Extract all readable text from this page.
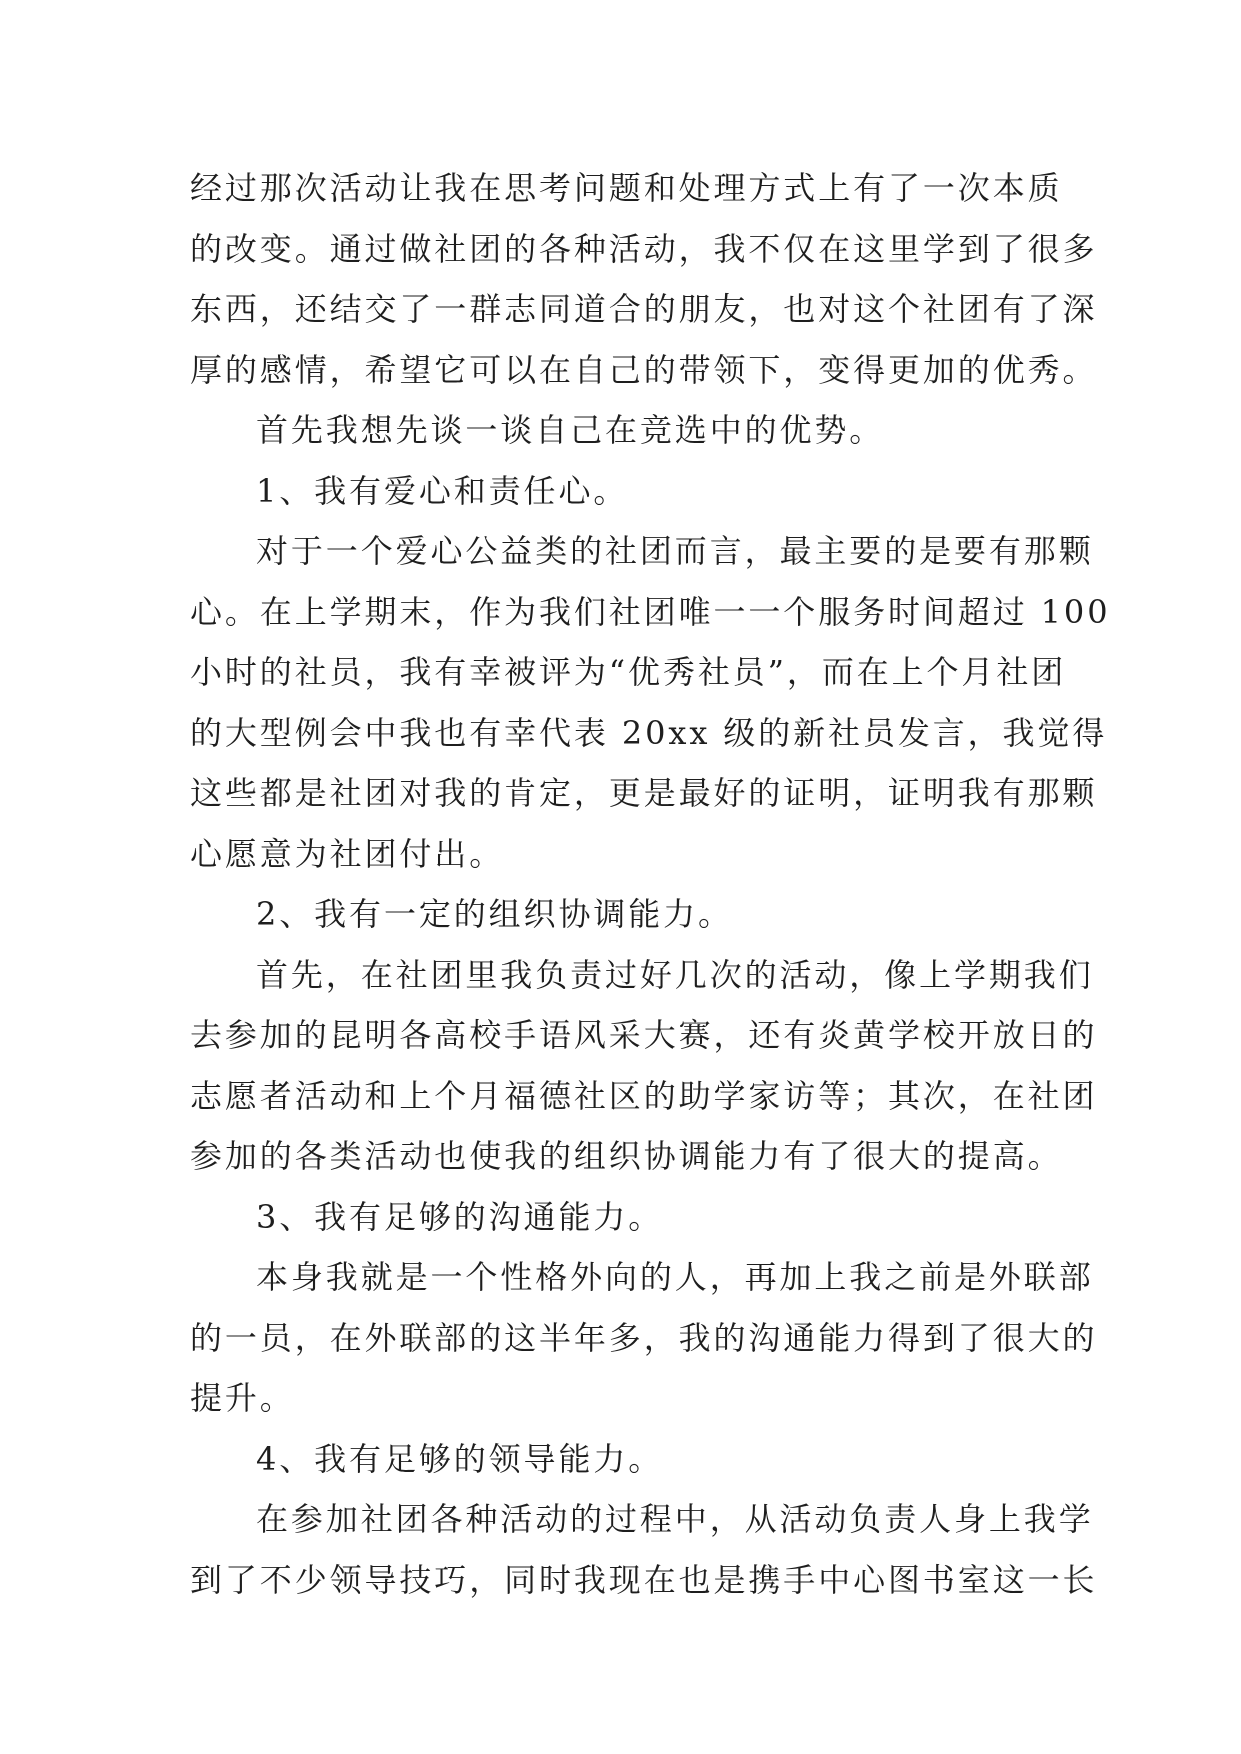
经过那次活动让我在思考问题和处理方式上有了一次本质
的改变。通过做社团的各种活动，我不仅在这里学到了很多
东西，还结交了一群志同道合的朋友，也对这个社团有了深
厚的感情，希望它可以在自己的带领下，变得更加的优秀。
首先我想先谈一谈自己在竞选中的优势。
1、我有爱心和责任心。
对于一个爱心公益类的社团而言，最主要的是要有那颗
心。在上学期末，作为我们社团唯一一个服务时间超过 100
小时的社员，我有幸被评为“优秀社员”，而在上个月社团
的大型例会中我也有幸代表 20xx 级的新社员发言，我觉得
这些都是社团对我的肯定，更是最好的证明，证明我有那颗
心愿意为社团付出。
2、我有一定的组织协调能力。
首先，在社团里我负责过好几次的活动，像上学期我们
去参加的昆明各高校手语风采大赛，还有炎黄学校开放日的
志愿者活动和上个月福德社区的助学家访等；其次，在社团
参加的各类活动也使我的组织协调能力有了很大的提高。
3、我有足够的沟通能力。
本身我就是一个性格外向的人，再加上我之前是外联部
的一员，在外联部的这半年多，我的沟通能力得到了很大的
提升。
4、我有足够的领导能力。
在参加社团各种活动的过程中，从活动负责人身上我学
到了不少领导技巧，同时我现在也是携手中心图书室这一长
